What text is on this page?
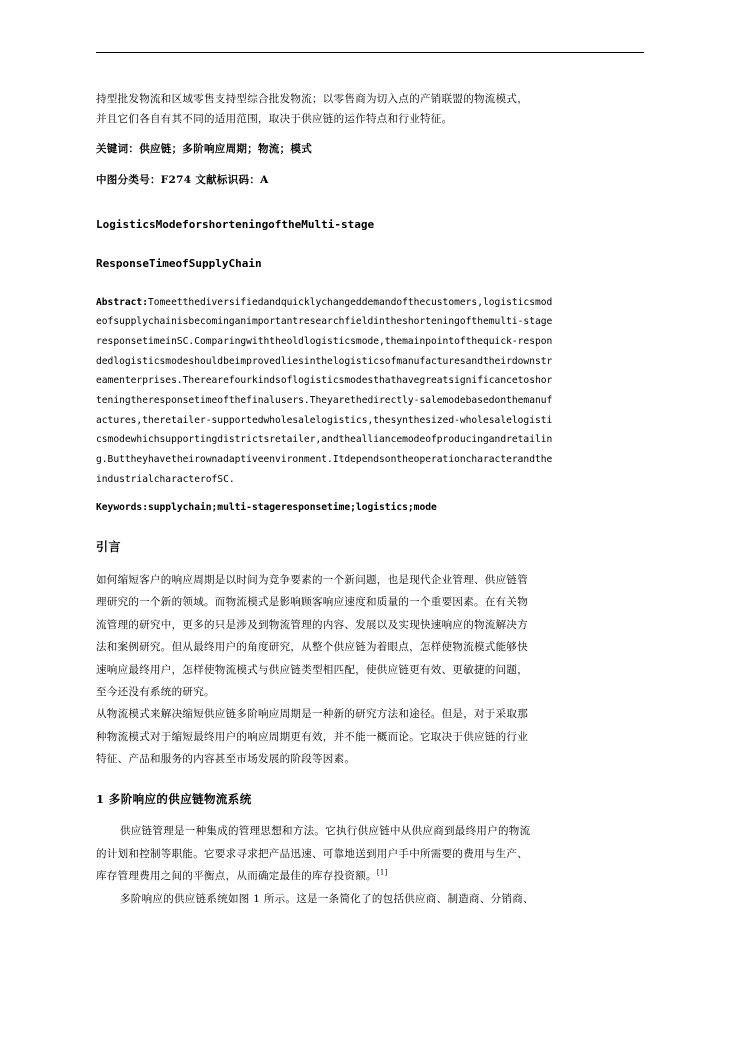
持型批发物流和区域零售支持型综合批发物流；以零售商为切入点的产销联盟的物流模式，

并且它们各自有其不同的适用范围，取决于供应链的运作特点和行业特征。

关键词：供应链；多阶响应周期；物流；模式

中图分类号：F274 文献标识码：A

LogisticsModeforshorteningoftheMulti-stage

ResponseTimeofSupplyChain

Abstract:Tomeetthediversifiedandquicklychangeddemandofthecustomers,logisticsmod

eofsupplychainisbecominganimportantresearchfieldintheshorteningofthemulti-stage

responsetimeinSC.Comparingwiththeoldlogisticsmode,themainpointofthequick-respon

dedlogisticsmodeshouldbeimprovedliesinthelogisticsofmanufacturesandtheirdownstr

eamenterprises.Therearefourkindsoflogisticsmodesthathavegreatsignificancetoshor

teningtheresponsetimeofthefinalusers.Theyarethedirectly-salemodebasedonthemanuf

actures,theretailer-supportedwholesalelogistics,thesynthesized-wholesalelogisti

csmodewhichsupportingdistrictsretailer,andthealliancemodeofproducingandretailin

g.Buttheyhavetheirownadaptiveenvironment.Itdependsontheoperationcharacterandthe

industrialcharacterofSC.

Keywords:supplychain;multi-stageresponsetime;logistics;mode

引言

如何缩短客户的响应周期是以时间为竞争要素的一个新问题，也是现代企业管理、供应链管

理研究的一个新的领域。而物流模式是影响顾客响应速度和质量的一个重要因素。在有关物

流管理的研究中，更多的只是涉及到物流管理的内容、发展以及实现快速响应的物流解决方

法和案例研究。但从最终用户的角度研究，从整个供应链为着眼点，怎样使物流模式能够快

速响应最终用户，怎样使物流模式与供应链类型相匹配，使供应链更有效、更敏捷的问题，

至今还没有系统的研究。

从物流模式来解决缩短供应链多阶响应周期是一种新的研究方法和途径。但是，对于采取那

种物流模式对于缩短最终用户的响应周期更有效，并不能一概而论。它取决于供应链的行业

特征、产品和服务的内容甚至市场发展的阶段等因素。

1 多阶响应的供应链物流系统

供应链管理是一种集成的管理思想和方法。它执行供应链中从供应商到最终用户的物流

的计划和控制等职能。它要求寻求把产品迅速、可靠地送到用户手中所需要的费用与生产、

库存管理费用之间的平衡点，从而确定最佳的库存投资额。[1]

多阶响应的供应链系统如图 1 所示。这是一条简化了的包括供应商、制造商、分销商、
